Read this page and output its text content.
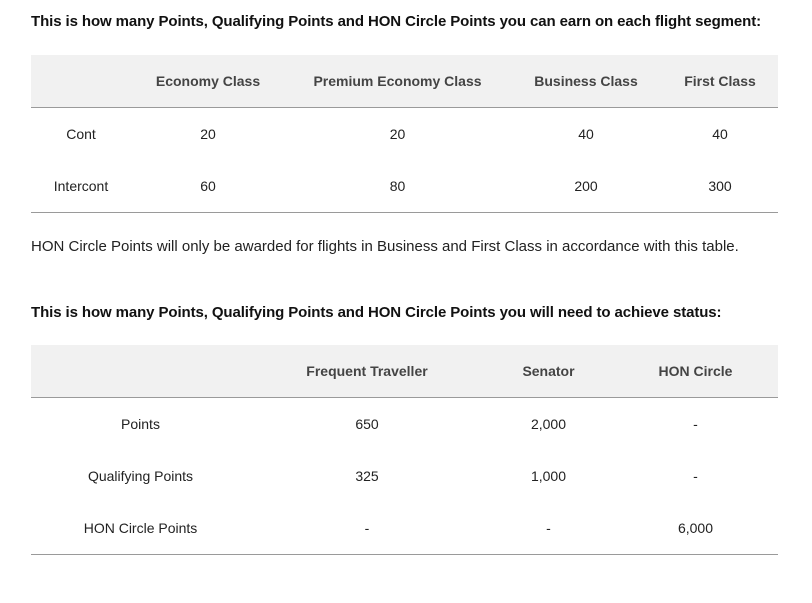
This is how many Points, Qualifying Points and HON Circle Points you can earn on each flight segment:
	Economy Class	Premium Economy Class	Business Class	First Class
Cont	20	20	40	40
Intercont	60	80	200	300
HON Circle Points will only be awarded for flights in Business and First Class in accordance with this table.
This is how many Points, Qualifying Points and HON Circle Points you will need to achieve status:
	Frequent Traveller	Senator	HON Circle
Points	650	2,000	-
Qualifying Points	325	1,000	-
HON Circle Points	-	-	6,000
